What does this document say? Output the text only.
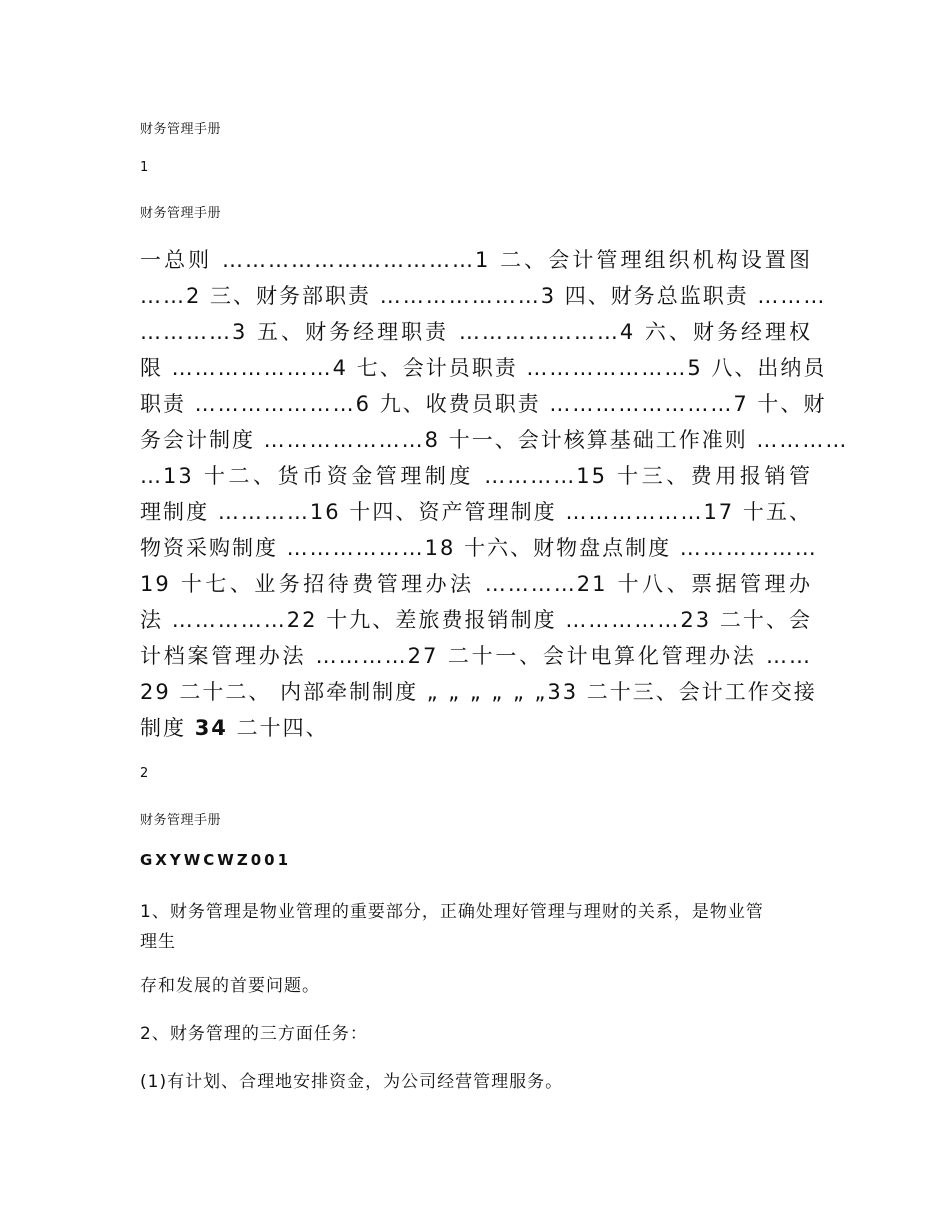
财务管理手册

1

财务管理手册

一总则 ……………………………1 二、会计管理组织机构设置图
……2 三、财务部职责 …………………3 四、财务总监职责 ………
…………3 五、财务经理职责 …………………4 六、财务经理权
限 …………………4 七、会计员职责 …………………5 八、出纳员
职责 …………………6 九、收费员职责 ……………………7 十、财
务会计制度 …………………8 十一、会计核算基础工作准则 …………
…13 十二、货币资金管理制度 …………15 十三、费用报销管
理制度 …………16 十四、资产管理制度 ………………17 十五、
物资采购制度 ………………18 十六、财物盘点制度 ………………
19 十七、业务招待费管理办法 …………21 十八、票据管理办
法 ……………22 十九、差旅费报销制度 ……………23 二十、会
计档案管理办法 …………27 二十一、会计电算化管理办法 ……
29 二十二、 内部牵制制度 „ „ „ „ „ „33 二十三、会计工作交接
制度 34 二十四、

2

财务管理手册

GXYWCWZ001

1、财务管理是物业管理的重要部分，正确处理好管理与理财的关系，是物业管

理生

存和发展的首要问题。

2、财务管理的三方面任务：

(1)有计划、合理地安排资金，为公司经营管理服务。
